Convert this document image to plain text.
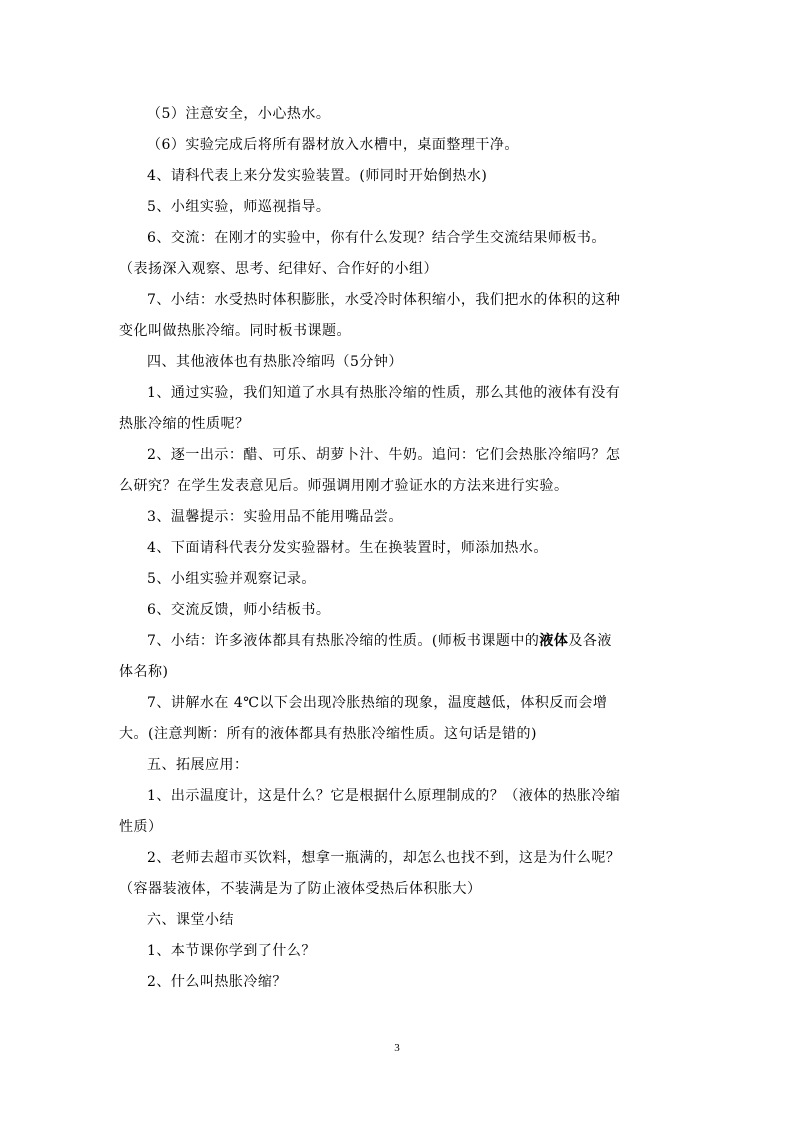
（5）注意安全，小心热水。
（6）实验完成后将所有器材放入水槽中，桌面整理干净。
4、请科代表上来分发实验装置。(师同时开始倒热水)
5、小组实验，师巡视指导。
6、交流：在刚才的实验中，你有什么发现？结合学生交流结果师板书。
（表扬深入观察、思考、纪律好、合作好的小组）
7、小结：水受热时体积膨胀，水受冷时体积缩小，我们把水的体积的这种
变化叫做热胀冷缩。同时板书课题。
四、其他液体也有热胀冷缩吗（5分钟）
1、通过实验，我们知道了水具有热胀冷缩的性质，那么其他的液体有没有
热胀冷缩的性质呢？
2、逐一出示：醋、可乐、胡萝卜汁、牛奶。追问：它们会热胀冷缩吗？怎
么研究？在学生发表意见后。师强调用刚才验证水的方法来进行实验。
3、温馨提示：实验用品不能用嘴品尝。
4、下面请科代表分发实验器材。生在换装置时，师添加热水。
5、小组实验并观察记录。
6、交流反馈，师小结板书。
7、小结：许多液体都具有热胀冷缩的性质。(师板书课题中的液体及各液
体名称)
7、讲解水在 4℃以下会出现冷胀热缩的现象，温度越低，体积反而会增
大。(注意判断：所有的液体都具有热胀冷缩性质。这句话是错的)
五、拓展应用：
1、出示温度计，这是什么？它是根据什么原理制成的？（液体的热胀冷缩
性质）
2、老师去超市买饮料，想拿一瓶满的，却怎么也找不到，这是为什么呢？
（容器装液体，不装满是为了防止液体受热后体积胀大）
六、课堂小结
1、本节课你学到了什么？
2、什么叫热胀冷缩？
3
